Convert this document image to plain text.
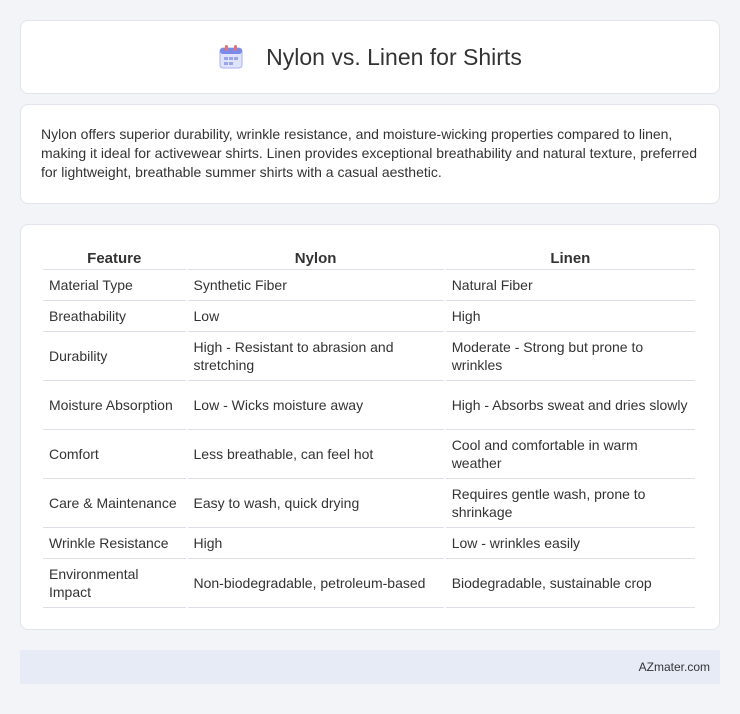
Nylon vs. Linen for Shirts

Nylon offers superior durability, wrinkle resistance, and moisture-wicking properties compared to linen, making it ideal for activewear shirts. Linen provides exceptional breathability and natural texture, preferred for lightweight, breathable summer shirts with a casual aesthetic.

Feature	Nylon	Linen
Material Type	Synthetic Fiber	Natural Fiber
Breathability	Low	High
Durability	High - Resistant to abrasion and stretching	Moderate - Strong but prone to wrinkles
Moisture Absorption	Low - Wicks moisture away	High - Absorbs sweat and dries slowly
Comfort	Less breathable, can feel hot	Cool and comfortable in warm weather
Care & Maintenance	Easy to wash, quick drying	Requires gentle wash, prone to shrinkage
Wrinkle Resistance	High	Low - wrinkles easily
Environmental Impact	Non-biodegradable, petroleum-based	Biodegradable, sustainable crop
AZmater.com
